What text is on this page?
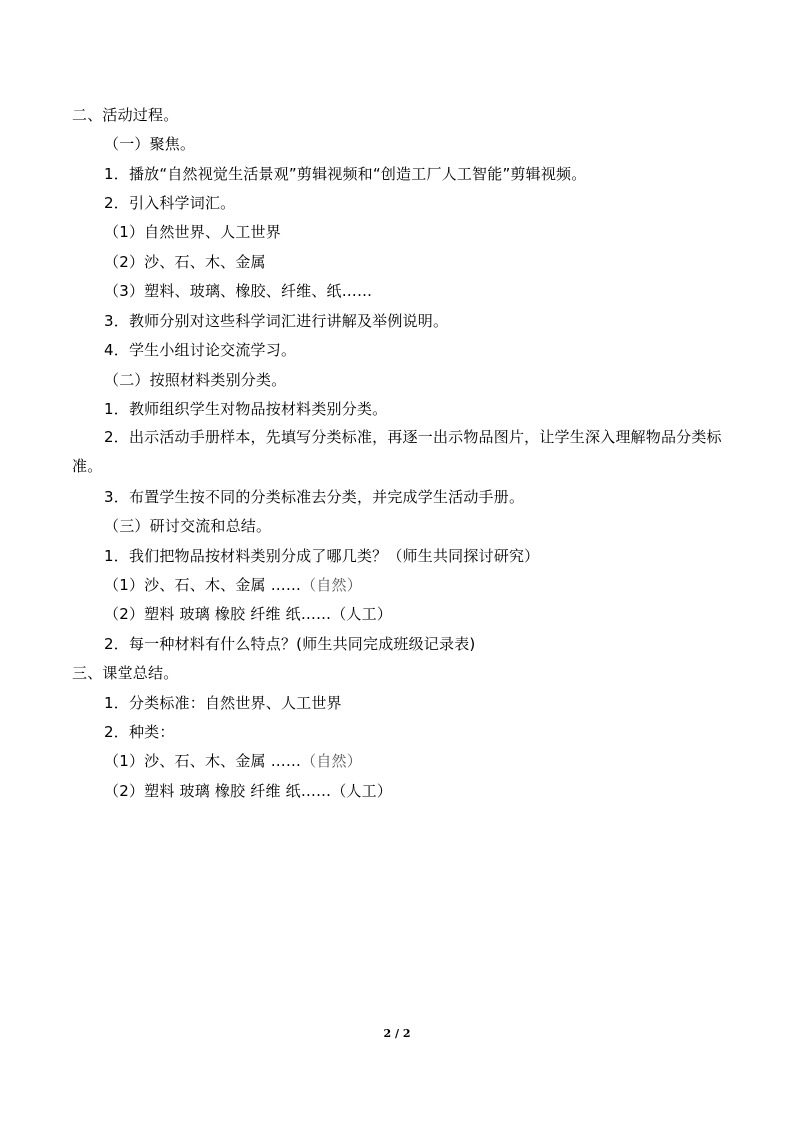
二、活动过程。
（一）聚焦。
1．播放“自然视觉生活景观”剪辑视频和“创造工厂人工智能”剪辑视频。
2．引入科学词汇。
（1）自然世界、人工世界
（2）沙、石、木、金属
（3）塑料、玻璃、橡胶、纤维、纸……
3．教师分别对这些科学词汇进行讲解及举例说明。
4．学生小组讨论交流学习。
（二）按照材料类别分类。
1．教师组织学生对物品按材料类别分类。
2．出示活动手册样本，先填写分类标准，再逐一出示物品图片，让学生深入理解物品分类标准。
3．布置学生按不同的分类标准去分类，并完成学生活动手册。
（三）研讨交流和总结。
1．我们把物品按材料类别分成了哪几类？（师生共同探讨研究）
（1）沙、石、木、金属 ……（自然）
（2）塑料 玻璃 橡胶 纤维 纸……（人工）
2．每一种材料有什么特点？(师生共同完成班级记录表)
三、课堂总结。
1．分类标准：自然世界、人工世界
2．种类：
（1）沙、石、木、金属 ……（自然）
（2）塑料 玻璃 橡胶 纤维 纸……（人工）
2 / 2
